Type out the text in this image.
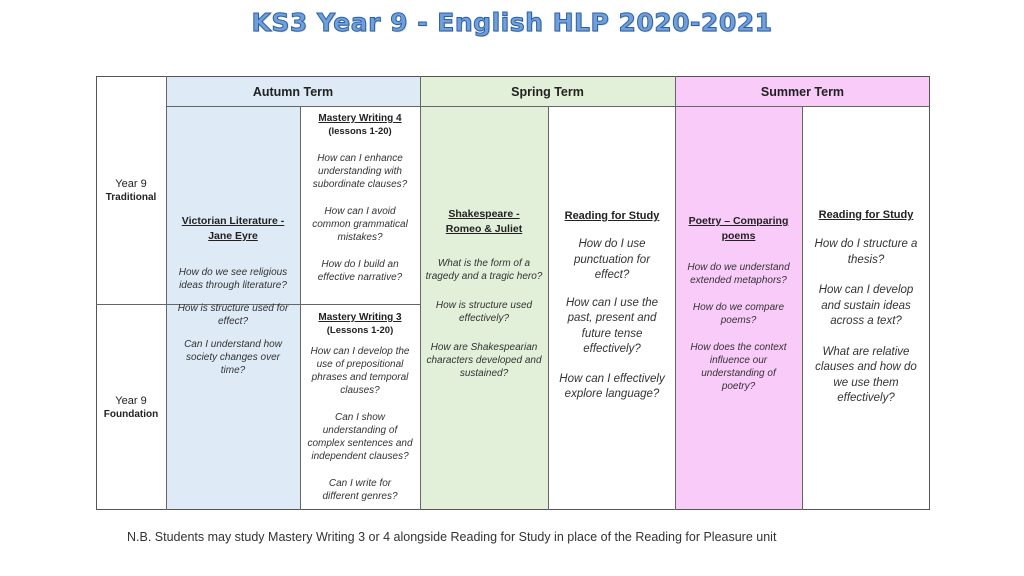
KS3 Year 9 - English HLP 2020-2021
Autumn Term	Spring Term	Summer Term
Year 9
Traditional
Year 9
Foundation
Victorian Literature - Jane Eyre
How do we see religious ideas through literature?
How is structure used for effect?
Can I understand how society changes over time?
Mastery Writing 4
(lessons 1-20)
How can I enhance understanding with subordinate clauses?
How can I avoid common grammatical mistakes?
How do I build an effective narrative?
Mastery Writing 3
(Lessons 1-20)
How can I develop the use of prepositional phrases and temporal clauses?
Can I show understanding of complex sentences and independent clauses?
Can I write for different genres?
Shakespeare - Romeo & Juliet
What is the form of a tragedy and a tragic hero?
How is structure used effectively?
How are Shakespearian characters developed and sustained?
Reading for Study
How do I use punctuation for effect?
How can I use the past, present and future tense effectively?
How can I effectively explore language?
Poetry – Comparing poems
How do we understand extended metaphors?
How do we compare poems?
How does the context influence our understanding of poetry?
Reading for Study
How do I structure a thesis?
How can I develop and sustain ideas across a text?
What are relative clauses and how do we use them effectively?
N.B. Students may study Mastery Writing 3 or 4 alongside Reading for Study in place of the Reading for Pleasure unit
